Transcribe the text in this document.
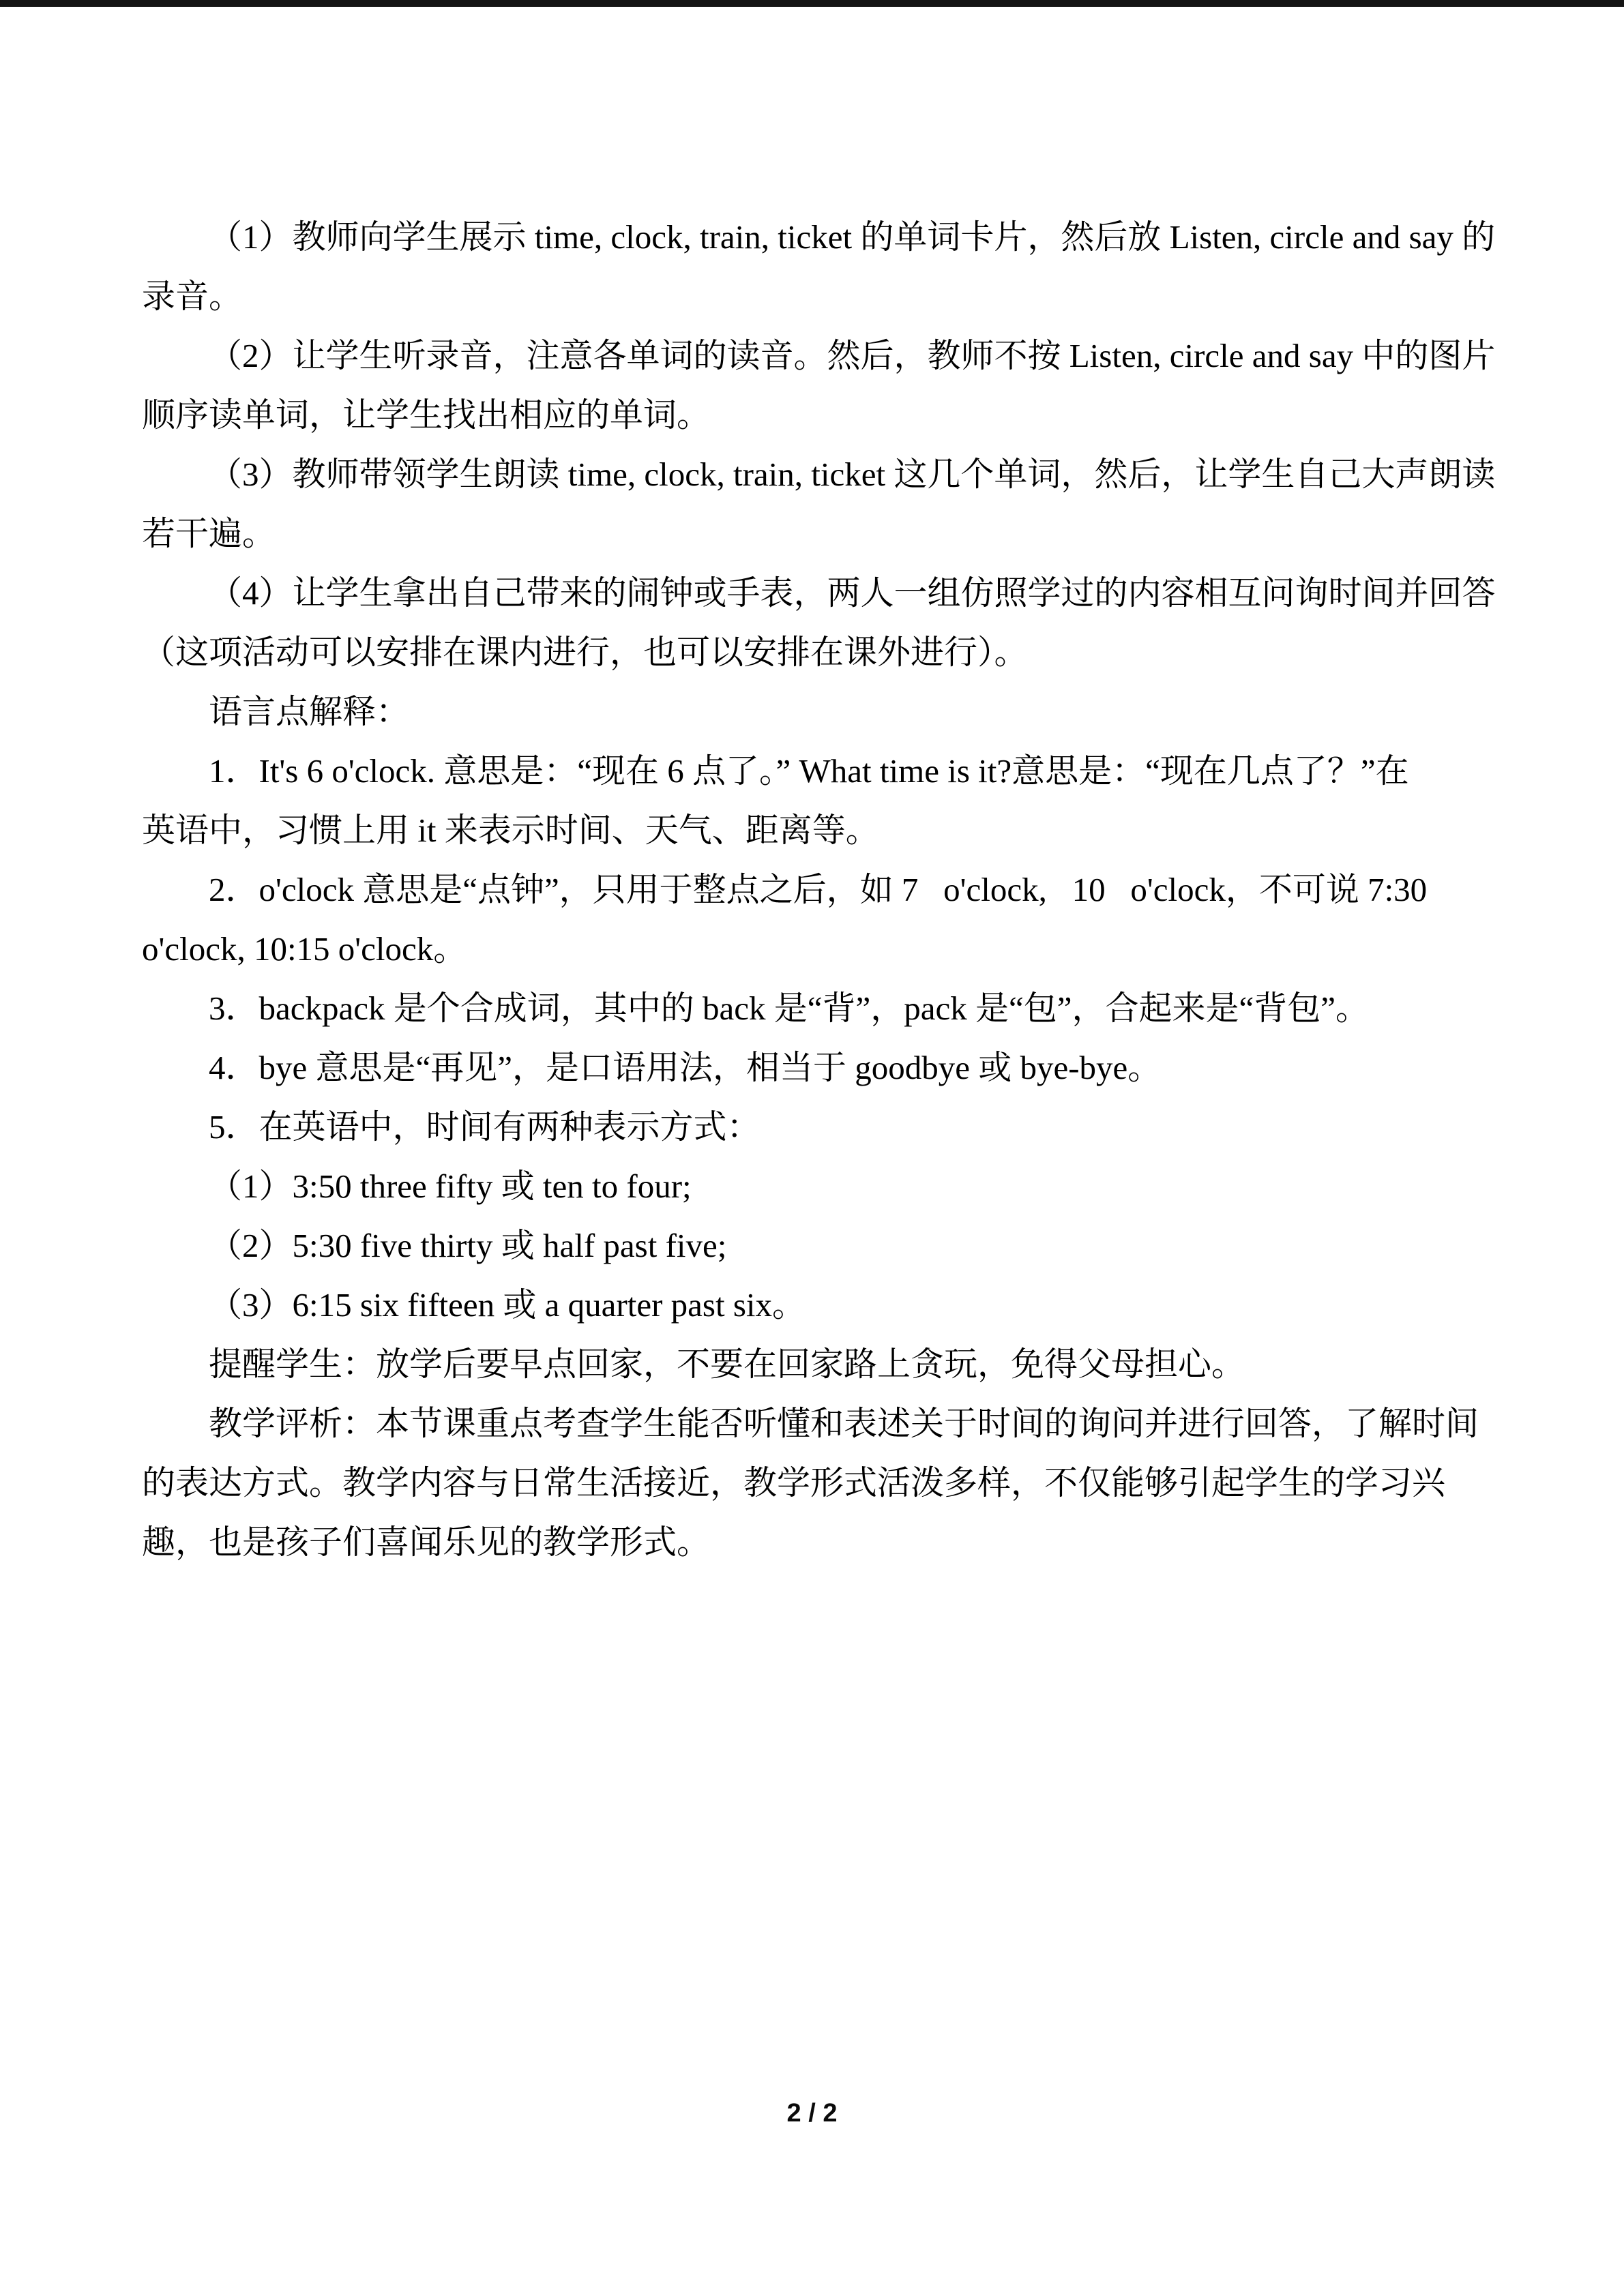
（1）教师向学生展示 time, clock, train, ticket 的单词卡片，然后放 Listen, circle and say 的
录音。
（2）让学生听录音，注意各单词的读音。然后，教师不按 Listen, circle and say 中的图片
顺序读单词，让学生找出相应的单词。
（3）教师带领学生朗读 time, clock, train, ticket 这几个单词，然后，让学生自己大声朗读
若干遍。
（4）让学生拿出自己带来的闹钟或手表，两人一组仿照学过的内容相互问询时间并回答
（这项活动可以安排在课内进行，也可以安排在课外进行）。
语言点解释：
1．It's 6 o'clock. 意思是：“现在 6 点了。” What time is it?意思是：“现在几点了？”在
英语中，习惯上用 it 来表示时间、天气、距离等。
2．o'clock 意思是“点钟”，只用于整点之后，如 7   o'clock,   10   o'clock，不可说 7:30
o'clock, 10:15 o'clock。
3．backpack 是个合成词，其中的 back 是“背”，pack 是“包”，合起来是“背包”。
4．bye 意思是“再见”，是口语用法，相当于 goodbye 或 bye-bye。
5．在英语中，时间有两种表示方式：
（1）3:50 three fifty 或 ten to four;
（2）5:30 five thirty 或 half past five;
（3）6:15 six fifteen 或 a quarter past six。
提醒学生：放学后要早点回家，不要在回家路上贪玩，免得父母担心。
教学评析：本节课重点考查学生能否听懂和表述关于时间的询问并进行回答，了解时间
的表达方式。教学内容与日常生活接近，教学形式活泼多样，不仅能够引起学生的学习兴
趣，也是孩子们喜闻乐见的教学形式。
2 / 2
